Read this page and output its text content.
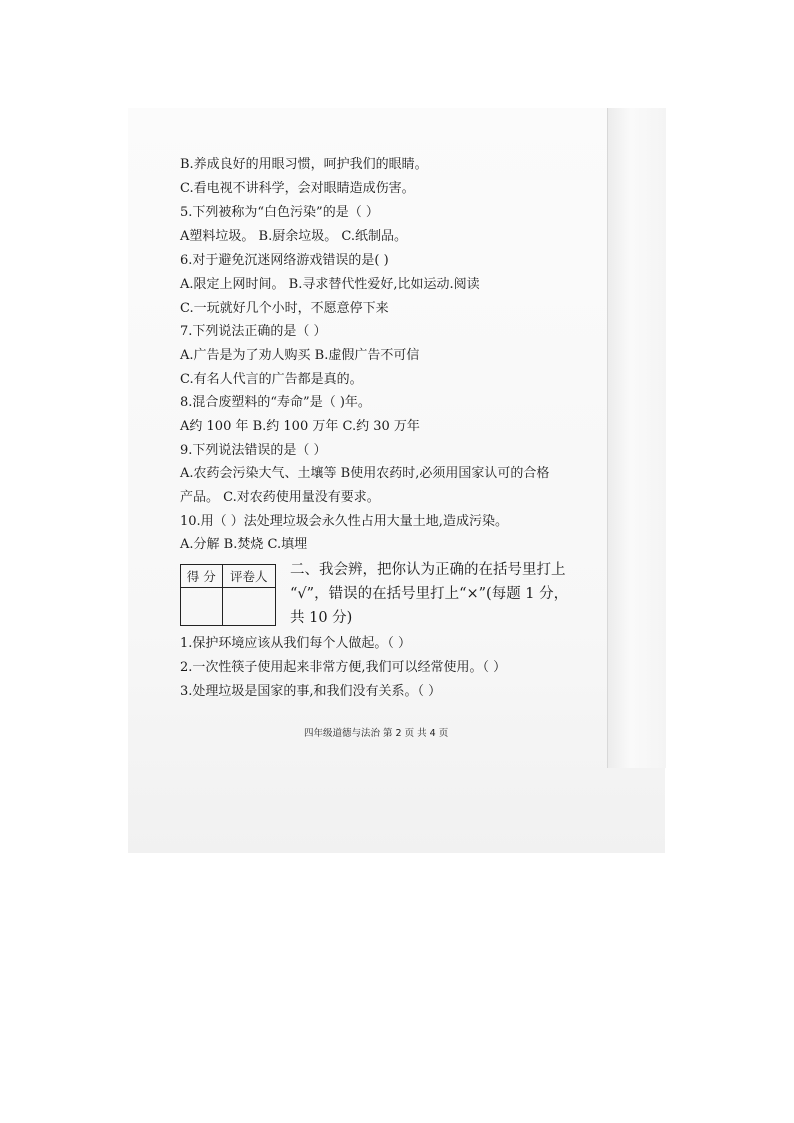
B.养成良好的用眼习惯，呵护我们的眼睛。
C.看电视不讲科学，会对眼睛造成伤害。
5.下列被称为“白色污染”的是（ ）
A塑料垃圾。 B.厨余垃圾。 C.纸制品。
6.对于避免沉迷网络游戏错误的是( )
A.限定上网时间。 B.寻求替代性爱好,比如运动.阅读
C.一玩就好几个小时，不愿意停下来
7.下列说法正确的是（ ）
A.广告是为了劝人购买 B.虚假广告不可信
C.有名人代言的广告都是真的。
8.混合废塑料的“寿命”是（ )年。
A约 100 年 B.约 100 万年 C.约 30 万年
9.下列说法错误的是（ ）
A.农药会污染大气、土壤等 B使用农药时,必须用国家认可的合格
产品。 C.对农药使用量没有要求。
10.用（ ）法处理垃圾会永久性占用大量土地,造成污染。
A.分解 B.焚烧 C.填埋
得 分	评卷人
	二、我会辨，把你认为正确的在括号里打上
“√”，错误的在括号里打上“×”(每题 1 分，
共 10 分)
1.保护环境应该从我们每个人做起。（ ）
2.一次性筷子使用起来非常方便,我们可以经常使用。（ ）
3.处理垃圾是国家的事,和我们没有关系。（ ）
四年级道德与法治 第 2 页 共 4 页
